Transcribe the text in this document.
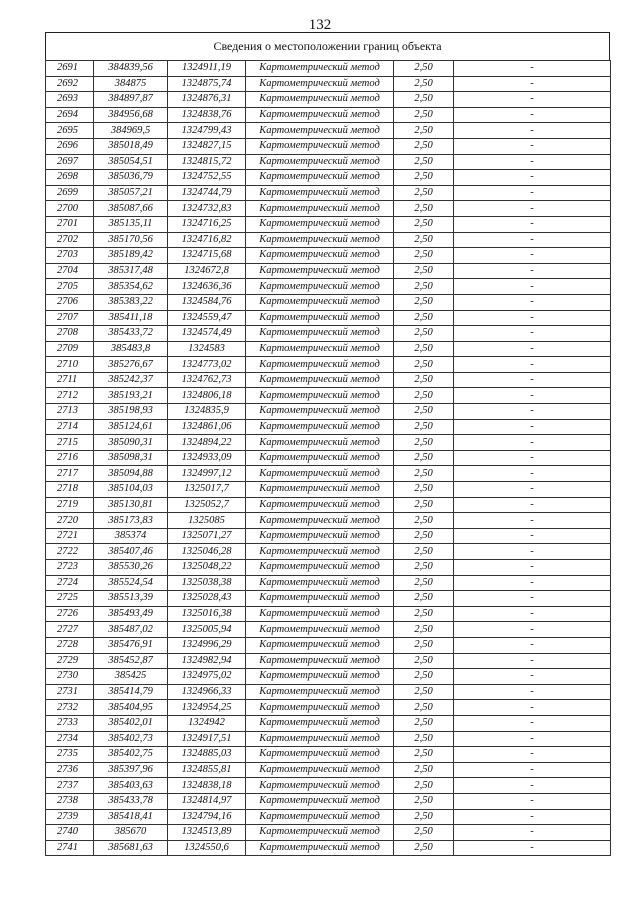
132
Сведения о местоположении границ объекта
2691	384839,56	1324911,19	Картометрический метод	2,50	-
2692	384875	1324875,74	Картометрический метод	2,50	-
2693	384897,87	1324876,31	Картометрический метод	2,50	-
2694	384956,68	1324838,76	Картометрический метод	2,50	-
2695	384969,5	1324799,43	Картометрический метод	2,50	-
2696	385018,49	1324827,15	Картометрический метод	2,50	-
2697	385054,51	1324815,72	Картометрический метод	2,50	-
2698	385036,79	1324752,55	Картометрический метод	2,50	-
2699	385057,21	1324744,79	Картометрический метод	2,50	-
2700	385087,66	1324732,83	Картометрический метод	2,50	-
2701	385135,11	1324716,25	Картометрический метод	2,50	-
2702	385170,56	1324716,82	Картометрический метод	2,50	-
2703	385189,42	1324715,68	Картометрический метод	2,50	-
2704	385317,48	1324672,8	Картометрический метод	2,50	-
2705	385354,62	1324636,36	Картометрический метод	2,50	-
2706	385383,22	1324584,76	Картометрический метод	2,50	-
2707	385411,18	1324559,47	Картометрический метод	2,50	-
2708	385433,72	1324574,49	Картометрический метод	2,50	-
2709	385483,8	1324583	Картометрический метод	2,50	-
2710	385276,67	1324773,02	Картометрический метод	2,50	-
2711	385242,37	1324762,73	Картометрический метод	2,50	-
2712	385193,21	1324806,18	Картометрический метод	2,50	-
2713	385198,93	1324835,9	Картометрический метод	2,50	-
2714	385124,61	1324861,06	Картометрический метод	2,50	-
2715	385090,31	1324894,22	Картометрический метод	2,50	-
2716	385098,31	1324933,09	Картометрический метод	2,50	-
2717	385094,88	1324997,12	Картометрический метод	2,50	-
2718	385104,03	1325017,7	Картометрический метод	2,50	-
2719	385130,81	1325052,7	Картометрический метод	2,50	-
2720	385173,83	1325085	Картометрический метод	2,50	-
2721	385374	1325071,27	Картометрический метод	2,50	-
2722	385407,46	1325046,28	Картометрический метод	2,50	-
2723	385530,26	1325048,22	Картометрический метод	2,50	-
2724	385524,54	1325038,38	Картометрический метод	2,50	-
2725	385513,39	1325028,43	Картометрический метод	2,50	-
2726	385493,49	1325016,38	Картометрический метод	2,50	-
2727	385487,02	1325005,94	Картометрический метод	2,50	-
2728	385476,91	1324996,29	Картометрический метод	2,50	-
2729	385452,87	1324982,94	Картометрический метод	2,50	-
2730	385425	1324975,02	Картометрический метод	2,50	-
2731	385414,79	1324966,33	Картометрический метод	2,50	-
2732	385404,95	1324954,25	Картометрический метод	2,50	-
2733	385402,01	1324942	Картометрический метод	2,50	-
2734	385402,73	1324917,51	Картометрический метод	2,50	-
2735	385402,75	1324885,03	Картометрический метод	2,50	-
2736	385397,96	1324855,81	Картометрический метод	2,50	-
2737	385403,63	1324838,18	Картометрический метод	2,50	-
2738	385433,78	1324814,97	Картометрический метод	2,50	-
2739	385418,41	1324794,16	Картометрический метод	2,50	-
2740	385670	1324513,89	Картометрический метод	2,50	-
2741	385681,63	1324550,6	Картометрический метод	2,50	-
